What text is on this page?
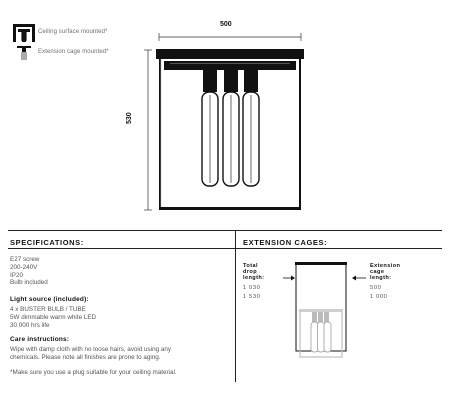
Ceiling surface mounted*
Extension cage mounted*
500
530
SPECIFICATIONS:
E27 screw
200-240V
IP20
Bulb included
Light source (included):
4 x BUSTER BULB / TUBE
5W dimmable warm white LED
30 000 hrs life
Care instructions:
Wipe with damp cloth with no loose hairs, avoid using any
chemicals. Please note all finishes are prone to aging.
*Make sure you use a plug suitable for your ceiling material.
EXTENSION CAGES:
Total
drop
length:
1 030
1 530
Extension
cage
length:
500
1 000
